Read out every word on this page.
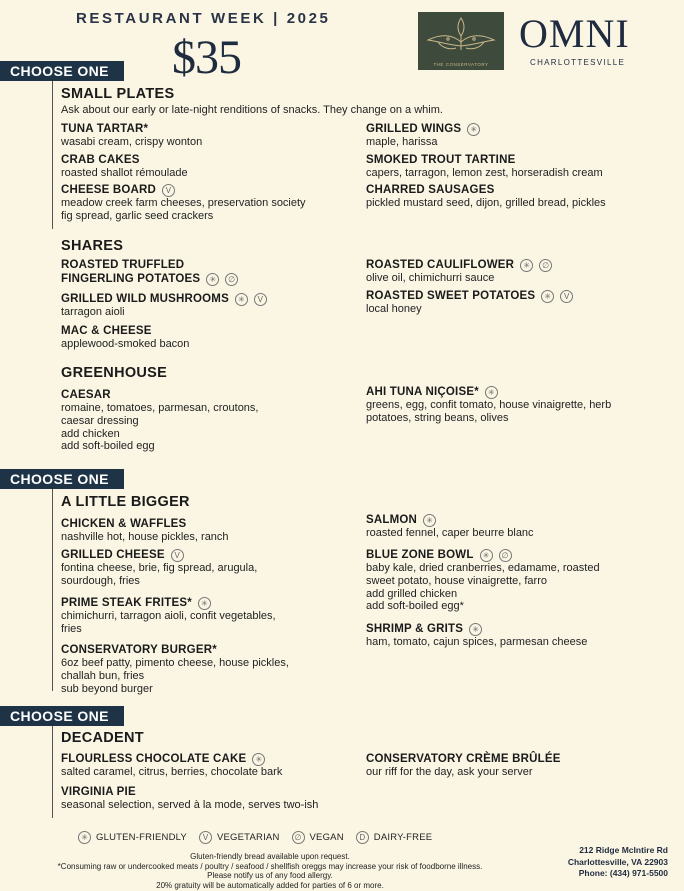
RESTAURANT WEEK | 2025
$35	THE CONSERVATORY
OMNI
CHARLOTTESVILLE
CHOOSE ONE
SMALL PLATES
Ask about our early or late-night renditions of snacks. They change on a whim.
TUNA TARTAR*
wasabi cream, crispy wonton
CRAB CAKES
roasted shallot rémoulade
CHEESE BOARD	V
meadow creek farm cheeses, preservation society
fig spread, garlic seed crackers
GRILLED WINGS	✳
maple, harissa
SMOKED TROUT TARTINE
capers, tarragon, lemon zest, horseradish cream
CHARRED SAUSAGES
pickled mustard seed, dijon, grilled bread, pickles
SHARES
ROASTED TRUFFLED
FINGERLING POTATOES	✳	∅
GRILLED WILD MUSHROOMS	✳	V
tarragon aioli
MAC & CHEESE
applewood-smoked bacon
ROASTED CAULIFLOWER	✳	∅
olive oil, chimichurri sauce
ROASTED SWEET POTATOES	✳	V
local honey
GREENHOUSE
CAESAR
romaine, tomatoes, parmesan, croutons,
caesar dressing
add chicken
add soft-boiled egg
AHI TUNA NIÇOISE*	✳
greens, egg, confit tomato, house vinaigrette, herb
potatoes, string beans, olives
CHOOSE ONE
A LITTLE BIGGER
CHICKEN & WAFFLES
nashville hot, house pickles, ranch
GRILLED CHEESE	V
fontina cheese, brie, fig spread, arugula,
sourdough, fries
PRIME STEAK FRITES*	✳
chimichurri, tarragon aioli, confit vegetables,
fries
CONSERVATORY BURGER*
6oz beef patty, pimento cheese, house pickles,
challah bun, fries
sub beyond burger
SALMON	✳
roasted fennel, caper beurre blanc
BLUE ZONE BOWL	✳	∅
baby kale, dried cranberries, edamame, roasted
sweet potato, house vinaigrette, farro
add grilled chicken
add soft-boiled egg*
SHRIMP & GRITS	✳
ham, tomato, cajun spices, parmesan cheese
CHOOSE ONE
DECADENT
FLOURLESS CHOCOLATE CAKE	✳
salted caramel, citrus, berries, chocolate bark
VIRGINIA PIE
seasonal selection, served à la mode, serves two-ish
CONSERVATORY CRÈME BRÛLÉE
our riff for the day, ask your server
✳ GLUTEN-FRIENDLY	V VEGETARIAN	∅ VEGAN	D DAIRY-FREE
Gluten-friendly bread available upon request.
*Consuming raw or undercooked meats / poultry / seafood / shellfish oreggs may increase your risk of foodborne illness.
Please notify us of any food allergy.
20% gratuity will be automatically added for parties of 6 or more.
212 Ridge McIntire Rd
Charlottesville, VA 22903
Phone: (434) 971-5500
